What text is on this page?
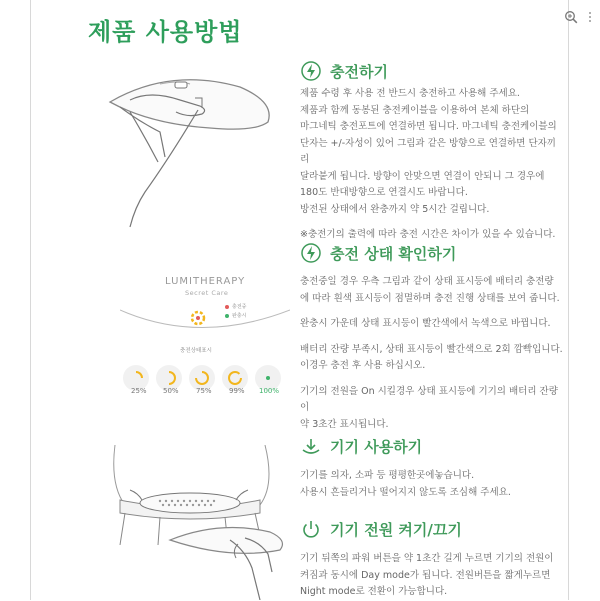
제품 사용방법
충전하기

제품 수령 후 사용 전 반드시 충전하고 사용해 주세요.

제품과 함께 동봉된 충전케이블을 이용하여 본체 하단의

마그네틱 충전포트에 연결하면 됩니다. 마그네틱 충전케이블의

단자는 +/-자성이 있어 그림과 같은 방향으로 연결하면 단자끼리

달라붙게 됩니다. 방향이 안맞으면 연결이 안되니 그 경우에

180도 반대방향으로 연결시도 바랍니다.

방전된 상태에서 완충까지 약 5시간 걸립니다.

※충전기의 출력에 따라 충전 시간은 차이가 있을 수 있습니다.

LUMITHERAPY
Secret Care
충전중
완충시
충전상태표시
25% 50% 75% 99% 100%
충전 상태 확인하기

충전중일 경우 우측 그림과 같이 상태 표시등에 배터리 충전량

에 따라 흰색 표시등이 점멸하며 충전 진행 상태를 보여 줍니다.

완충시 가운데 상태 표시등이 빨간색에서 녹색으로 바뀝니다.

배터리 잔량 부족시, 상태 표시등이 빨간색으로 2회 깜빡입니다.

이경우 충전 후 사용 하십시오.

기기의 전원을 On 시킬경우 상태 표시등에 기기의 배터리 잔량이

약 3초간 표시됩니다.

기기 사용하기

기기를 의자, 소파 등 평평한곳에놓습니다.

사용시 흔들리거나 떨어지지 않도록 조심해 주세요.

기기 전원 켜기/끄기

기기 뒤쪽의 파워 버튼을 약 1초간 길게 누르면 기기의 전원이

켜짐과 동시에 Day mode가 됩니다. 전원버튼을 짧게누르면

Night mode로 전환이 가능합니다.
